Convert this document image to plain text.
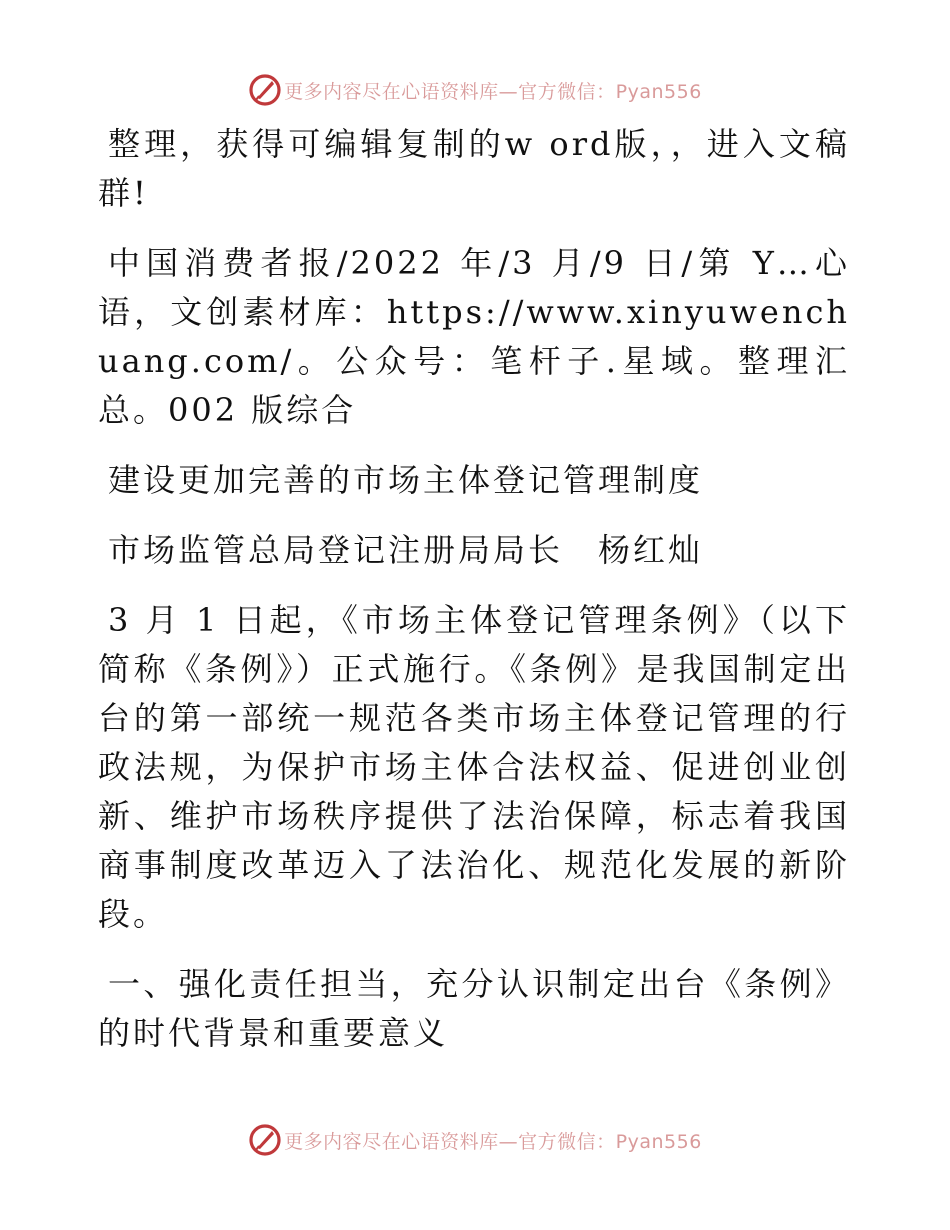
更多内容尽在心语资料库—官方微信：Pyan556

整理，获得可编辑复制的w ord版，，进入文稿群!

中国消费者报/2022 年/3 月/9 日/第 Y…心语，文创素材库：https://www.xinyuwenchuang.com/。公众号：笔杆子.星域。整理汇总。002 版综合

建设更加完善的市场主体登记管理制度

市场监管总局登记注册局局长　杨红灿

3 月 1 日起，《市场主体登记管理条例》（以下简称《条例》）正式施行。《条例》是我国制定出台的第一部统一规范各类市场主体登记管理的行政法规，为保护市场主体合法权益、促进创业创新、维护市场秩序提供了法治保障，标志着我国商事制度改革迈入了法治化、规范化发展的新阶段。

一、强化责任担当，充分认识制定出台《条例》的时代背景和重要意义

更多内容尽在心语资料库—官方微信：Pyan556
